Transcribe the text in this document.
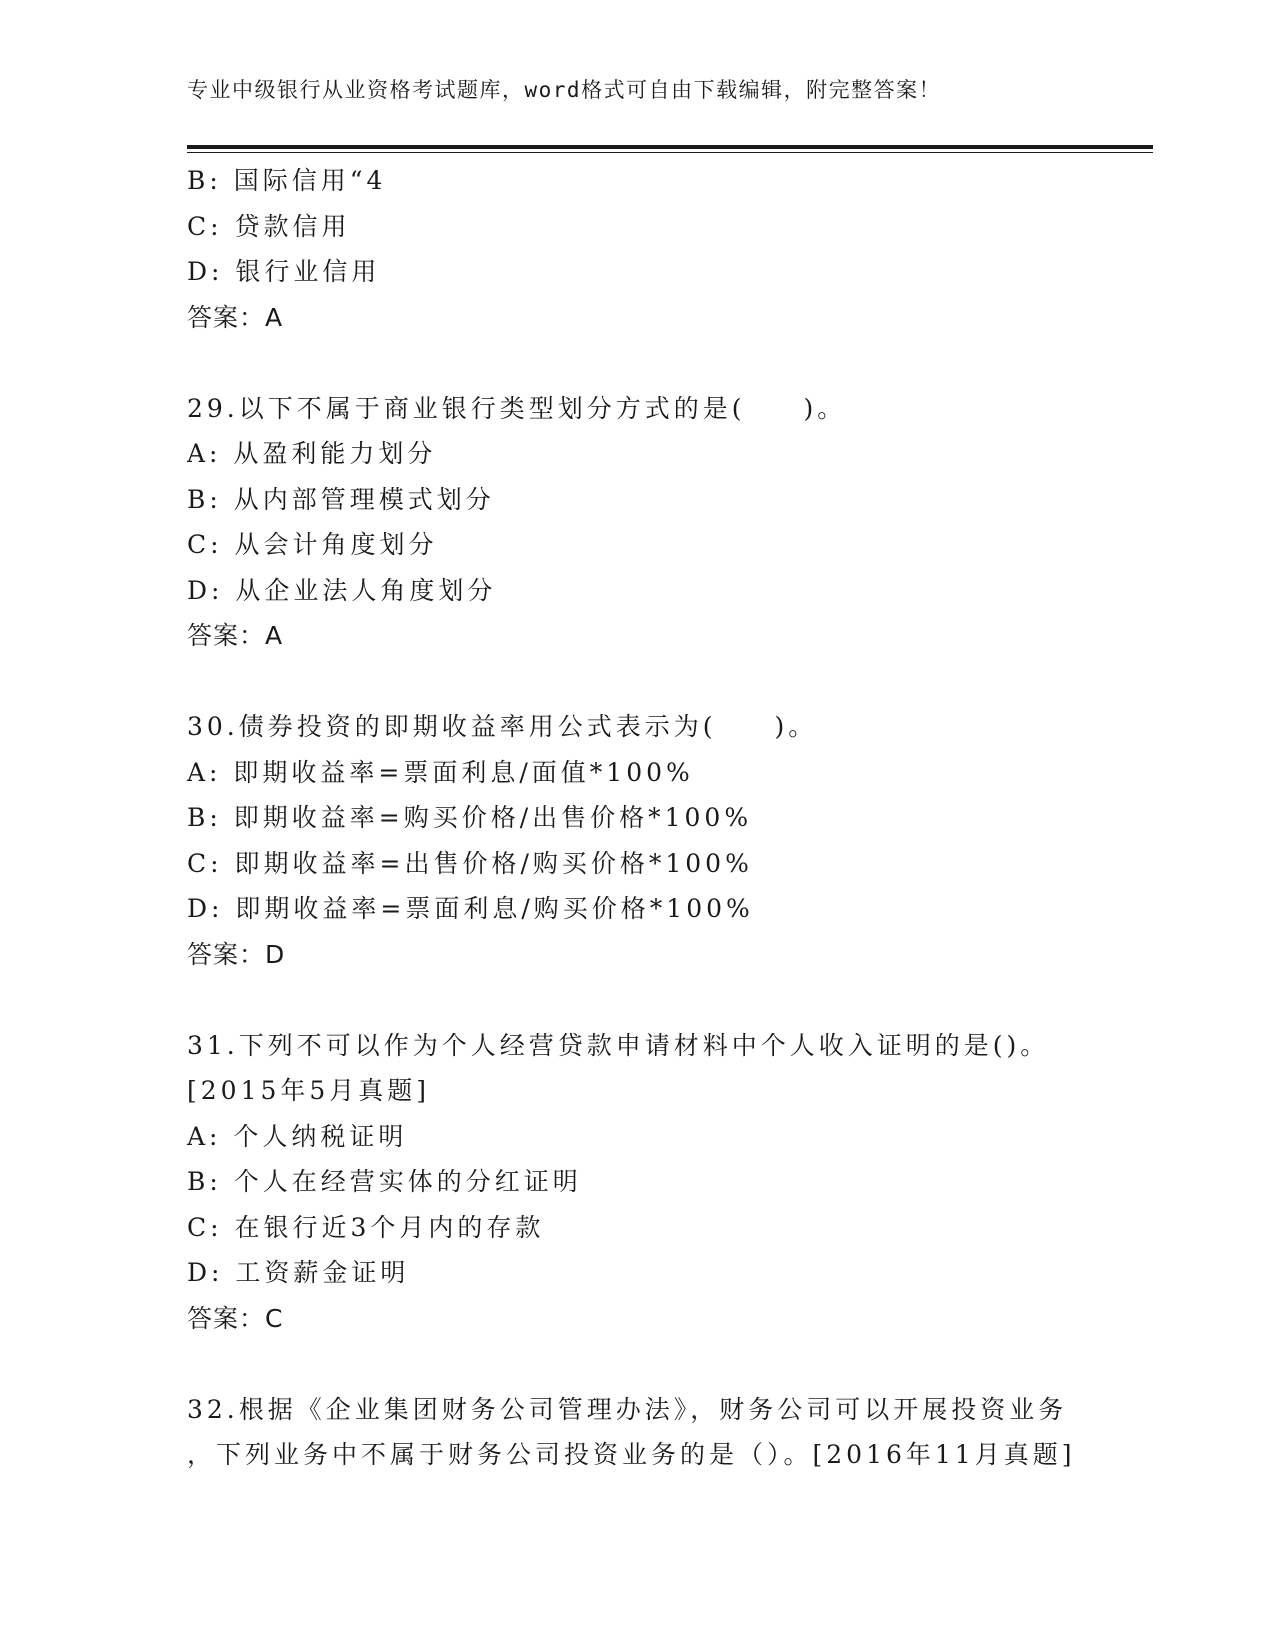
专业中级银行从业资格考试题库，word格式可自由下载编辑，附完整答案！
B: 国际信用“4
C: 贷款信用
D: 银行业信用
答案：A
29.以下不属于商业银行类型划分方式的是(　　)。
A: 从盈利能力划分
B: 从内部管理模式划分
C: 从会计角度划分
D: 从企业法人角度划分
答案：A
30.债券投资的即期收益率用公式表示为(　　)。
A: 即期收益率=票面利息/面值*100%
B: 即期收益率=购买价格/出售价格*100%
C: 即期收益率=出售价格/购买价格*100%
D: 即期收益率=票面利息/购买价格*100%
答案：D
31.下列不可以作为个人经营贷款申请材料中个人收入证明的是()。
[2015年5月真题]
A: 个人纳税证明
B: 个人在经营实体的分红证明
C: 在银行近3个月内的存款
D: 工资薪金证明
答案：C
32.根据《企业集团财务公司管理办法》，财务公司可以开展投资业务
，下列业务中不属于财务公司投资业务的是（）。[2016年11月真题]
